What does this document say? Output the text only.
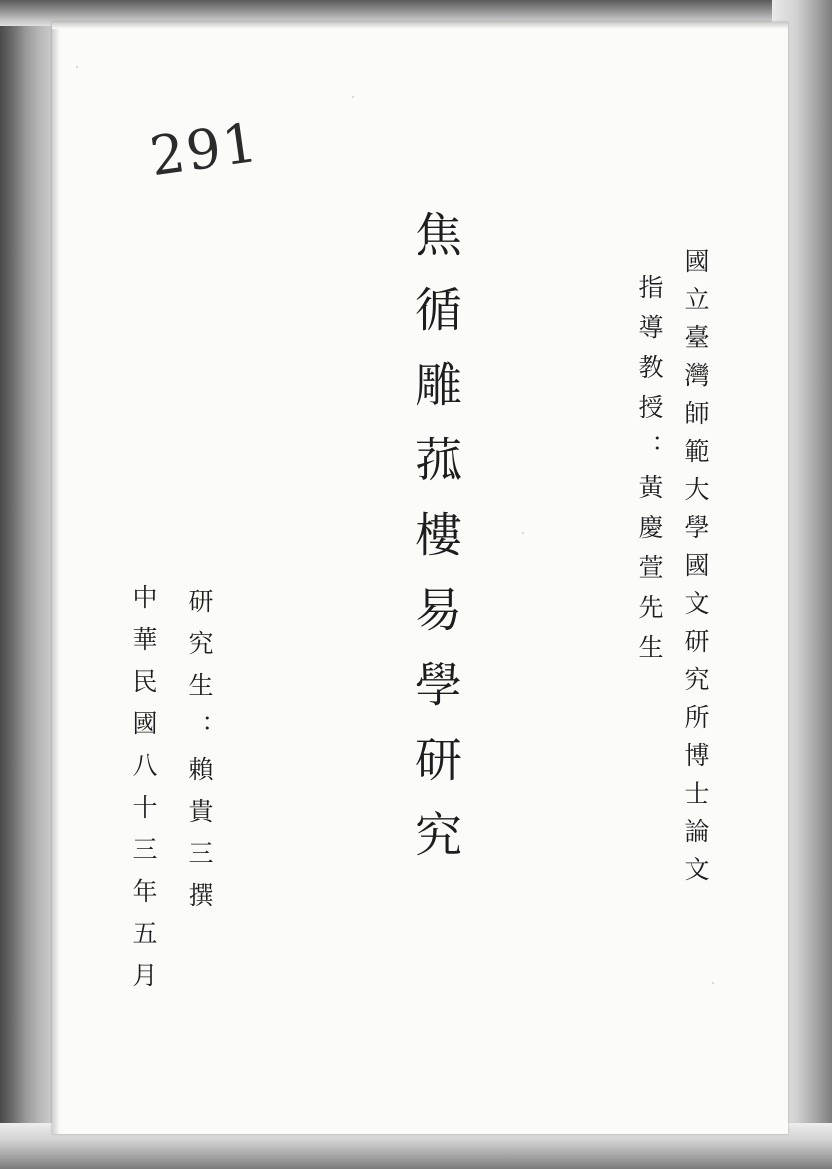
291
國立臺灣師範大學國文研究所博士論文
指導教授：黃慶萱先生
焦循雕菰樓易學研究
研究生：賴貴三撰
中華民國八十三年五月
